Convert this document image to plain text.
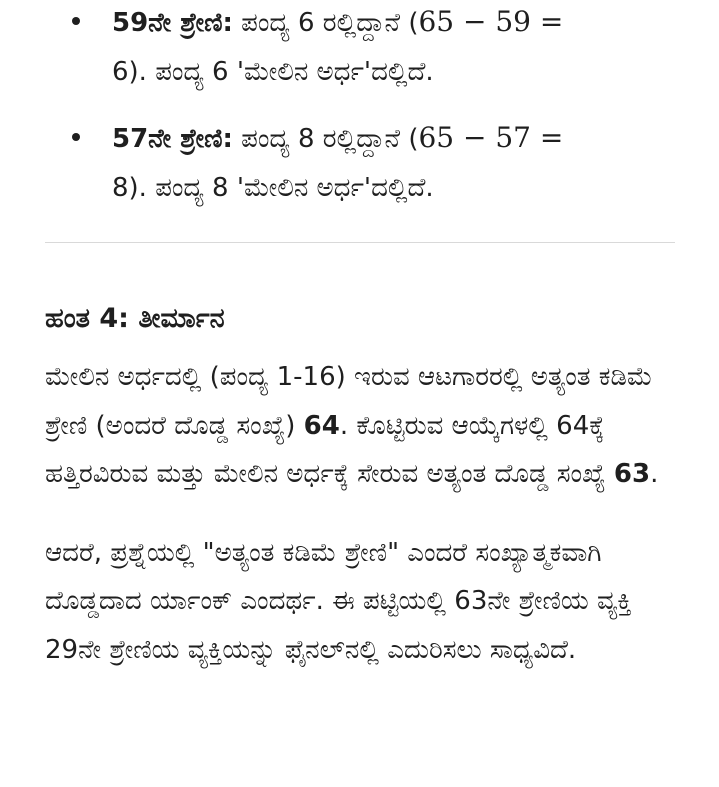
59ನೇ ಶ್ರೇಣಿ: ಪಂದ್ಯ 6 ರಲ್ಲಿದ್ದಾನೆ (65 − 59 =
6). ಪಂದ್ಯ 6 'ಮೇಲಿನ ಅರ್ಧ'ದಲ್ಲಿದೆ.
57ನೇ ಶ್ರೇಣಿ: ಪಂದ್ಯ 8 ರಲ್ಲಿದ್ದಾನೆ (65 − 57 =
8). ಪಂದ್ಯ 8 'ಮೇಲಿನ ಅರ್ಧ'ದಲ್ಲಿದೆ.
ಹಂತ 4: ತೀರ್ಮಾನ

ಮೇಲಿನ ಅರ್ಧದಲ್ಲಿ (ಪಂದ್ಯ 1-16) ಇರುವ ಆಟಗಾರರಲ್ಲಿ ಅತ್ಯಂತ ಕಡಿಮೆ ಶ್ರೇಣಿ (ಅಂದರೆ ದೊಡ್ಡ ಸಂಖ್ಯೆ) 64. ಕೊಟ್ಟಿರುವ ಆಯ್ಕೆಗಳಲ್ಲಿ 64ಕ್ಕೆ ಹತ್ತಿರವಿರುವ ಮತ್ತು ಮೇಲಿನ ಅರ್ಧಕ್ಕೆ ಸೇರುವ ಅತ್ಯಂತ ದೊಡ್ಡ ಸಂಖ್ಯೆ 63.

ಆದರೆ, ಪ್ರಶ್ನೆಯಲ್ಲಿ "ಅತ್ಯಂತ ಕಡಿಮೆ ಶ್ರೇಣಿ" ಎಂದರೆ ಸಂಖ್ಯಾತ್ಮಕವಾಗಿ ದೊಡ್ಡದಾದ ರ್ಯಾಂಕ್ ಎಂದರ್ಥ. ಈ ಪಟ್ಟಿಯಲ್ಲಿ 63ನೇ ಶ್ರೇಣಿಯ ವ್ಯಕ್ತಿ 29ನೇ ಶ್ರೇಣಿಯ ವ್ಯಕ್ತಿಯನ್ನು ಫೈನಲ್‌ನಲ್ಲಿ ಎದುರಿಸಲು ಸಾಧ್ಯವಿದೆ.
